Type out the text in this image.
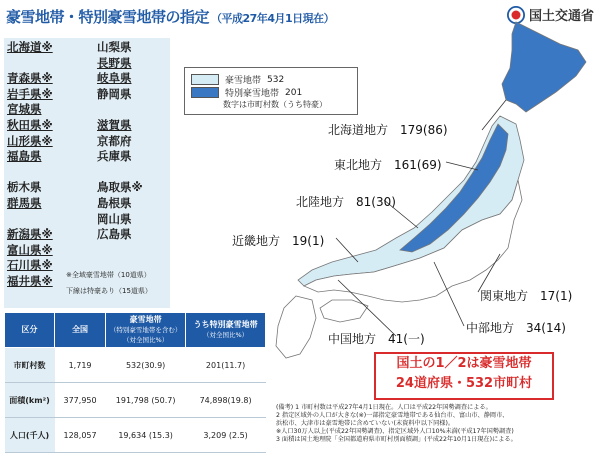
豪雪地帯・特別豪雪地帯の指定 （平成27年4月1日現在）	国土交通省
北海道※
青森県※
岩手県※
宮城県
秋田県※
山形県※
福島県
栃木県
群馬県
新潟県※
富山県※
石川県※
福井県※
山梨県
長野県
岐阜県
静岡県
滋賀県
京都府
兵庫県
鳥取県※
島根県
岡山県
広島県
※全域豪雪地帯（10道県）
下線は特豪あり（15道県）
区分	全国	豪雪地帯
（特別豪雪地帯を含む）（対全国比%）	うち特別豪雪地帯
（対全国比%）
市町村数	1,719	532(30.9)	201(11.7)
面積(km²)	377,950	191,798 (50.7)	74,898(19.8)
人口(千人)	128,057	19,634 (15.3)	3,209 (2.5)
豪雪地帯 532
特別豪雪地帯 201
数字は市町村数（うち特豪）
北海道地方　179(86)
東北地方　161(69)
北陸地方　81(30)
近畿地方　19(1)
関東地方　17(1)
中部地方　34(14)
中国地方　41(一)
国土の1／2は豪雪地帯
24道府県・532市町村
(備考) 1 市町村数は平成27年4月1日現在。人口は平成22年国勢調査による。
2 指定区域外の人口が大きな(※)一部指定豪雪地帯である仙台市、富山市、静岡市、
浜松市、大津市は豪雪地帯に含めていない(末資料中以下同様)。
※人口30万人以上(平成22年国勢調査)、指定区域外人口10%未満(平成17年国勢調査)
3 面積は国土地理院「全国都道府県市町村別面積調」(平成22年10月1日現在)による。
